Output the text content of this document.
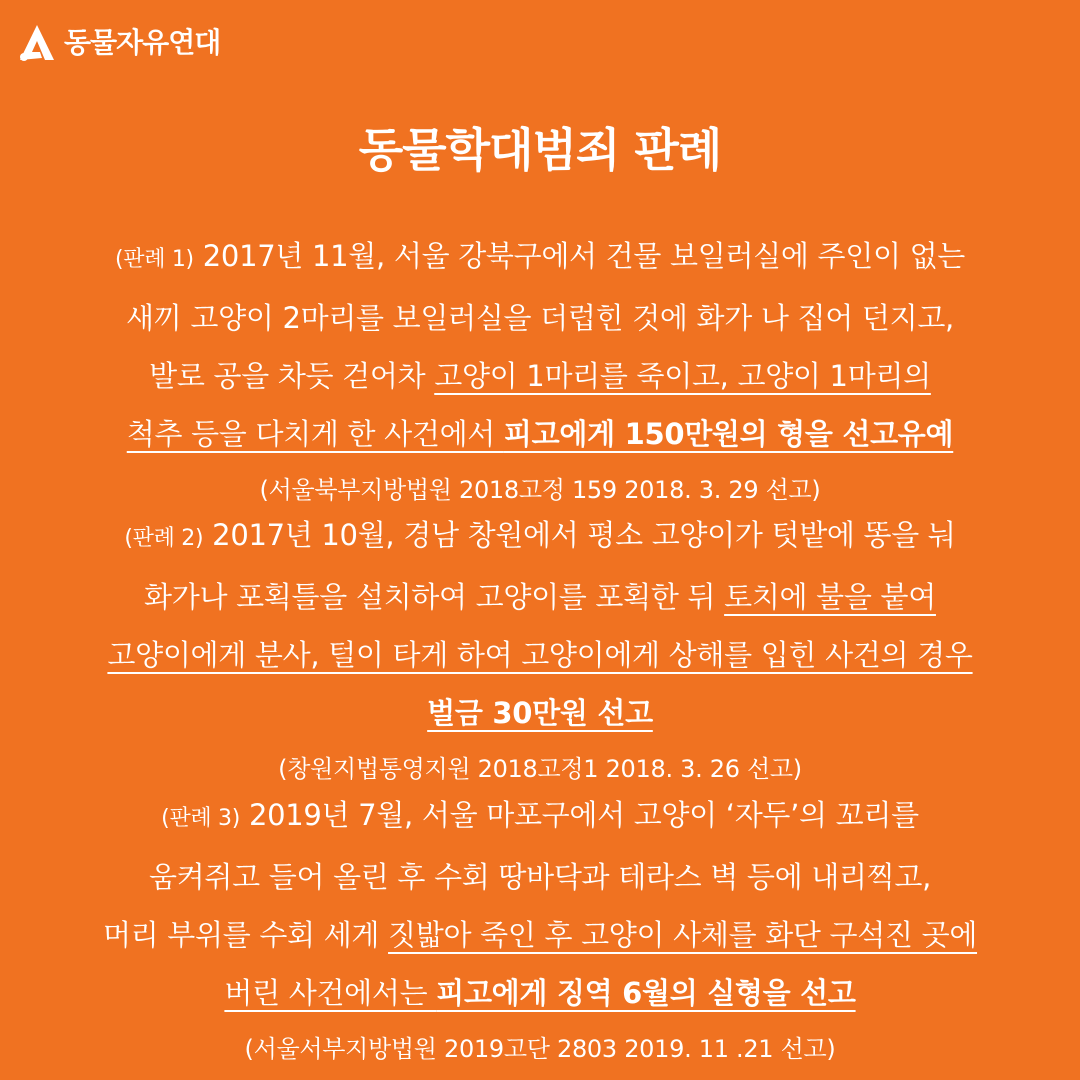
동물자유연대
동물학대범죄 판례
(판례 1) 2017년 11월, 서울 강북구에서 건물 보일러실에 주인이 없는
새끼 고양이 2마리를 보일러실을 더럽힌 것에 화가 나 집어 던지고,
발로 공을 차듯 걷어차 고양이 1마리를 죽이고, 고양이 1마리의
척추 등을 다치게 한 사건에서 피고에게 150만원의 형을 선고유예
(서울북부지방법원 2018고정 159 2018. 3. 29 선고)
(판례 2) 2017년 10월, 경남 창원에서 평소 고양이가 텃밭에 똥을 눠
화가나 포획틀을 설치하여 고양이를 포획한 뒤 토치에 불을 붙여
고양이에게 분사, 털이 타게 하여 고양이에게 상해를 입힌 사건의 경우
벌금 30만원 선고
(창원지법통영지원 2018고정1 2018. 3. 26 선고)
(판례 3) 2019년 7월, 서울 마포구에서 고양이 ‘자두’의 꼬리를
움켜쥐고 들어 올린 후 수회 땅바닥과 테라스 벽 등에 내리찍고,
머리 부위를 수회 세게 짓밟아 죽인 후 고양이 사체를 화단 구석진 곳에
버린 사건에서는 피고에게 징역 6월의 실형을 선고
(서울서부지방법원 2019고단 2803 2019. 11 .21 선고)
